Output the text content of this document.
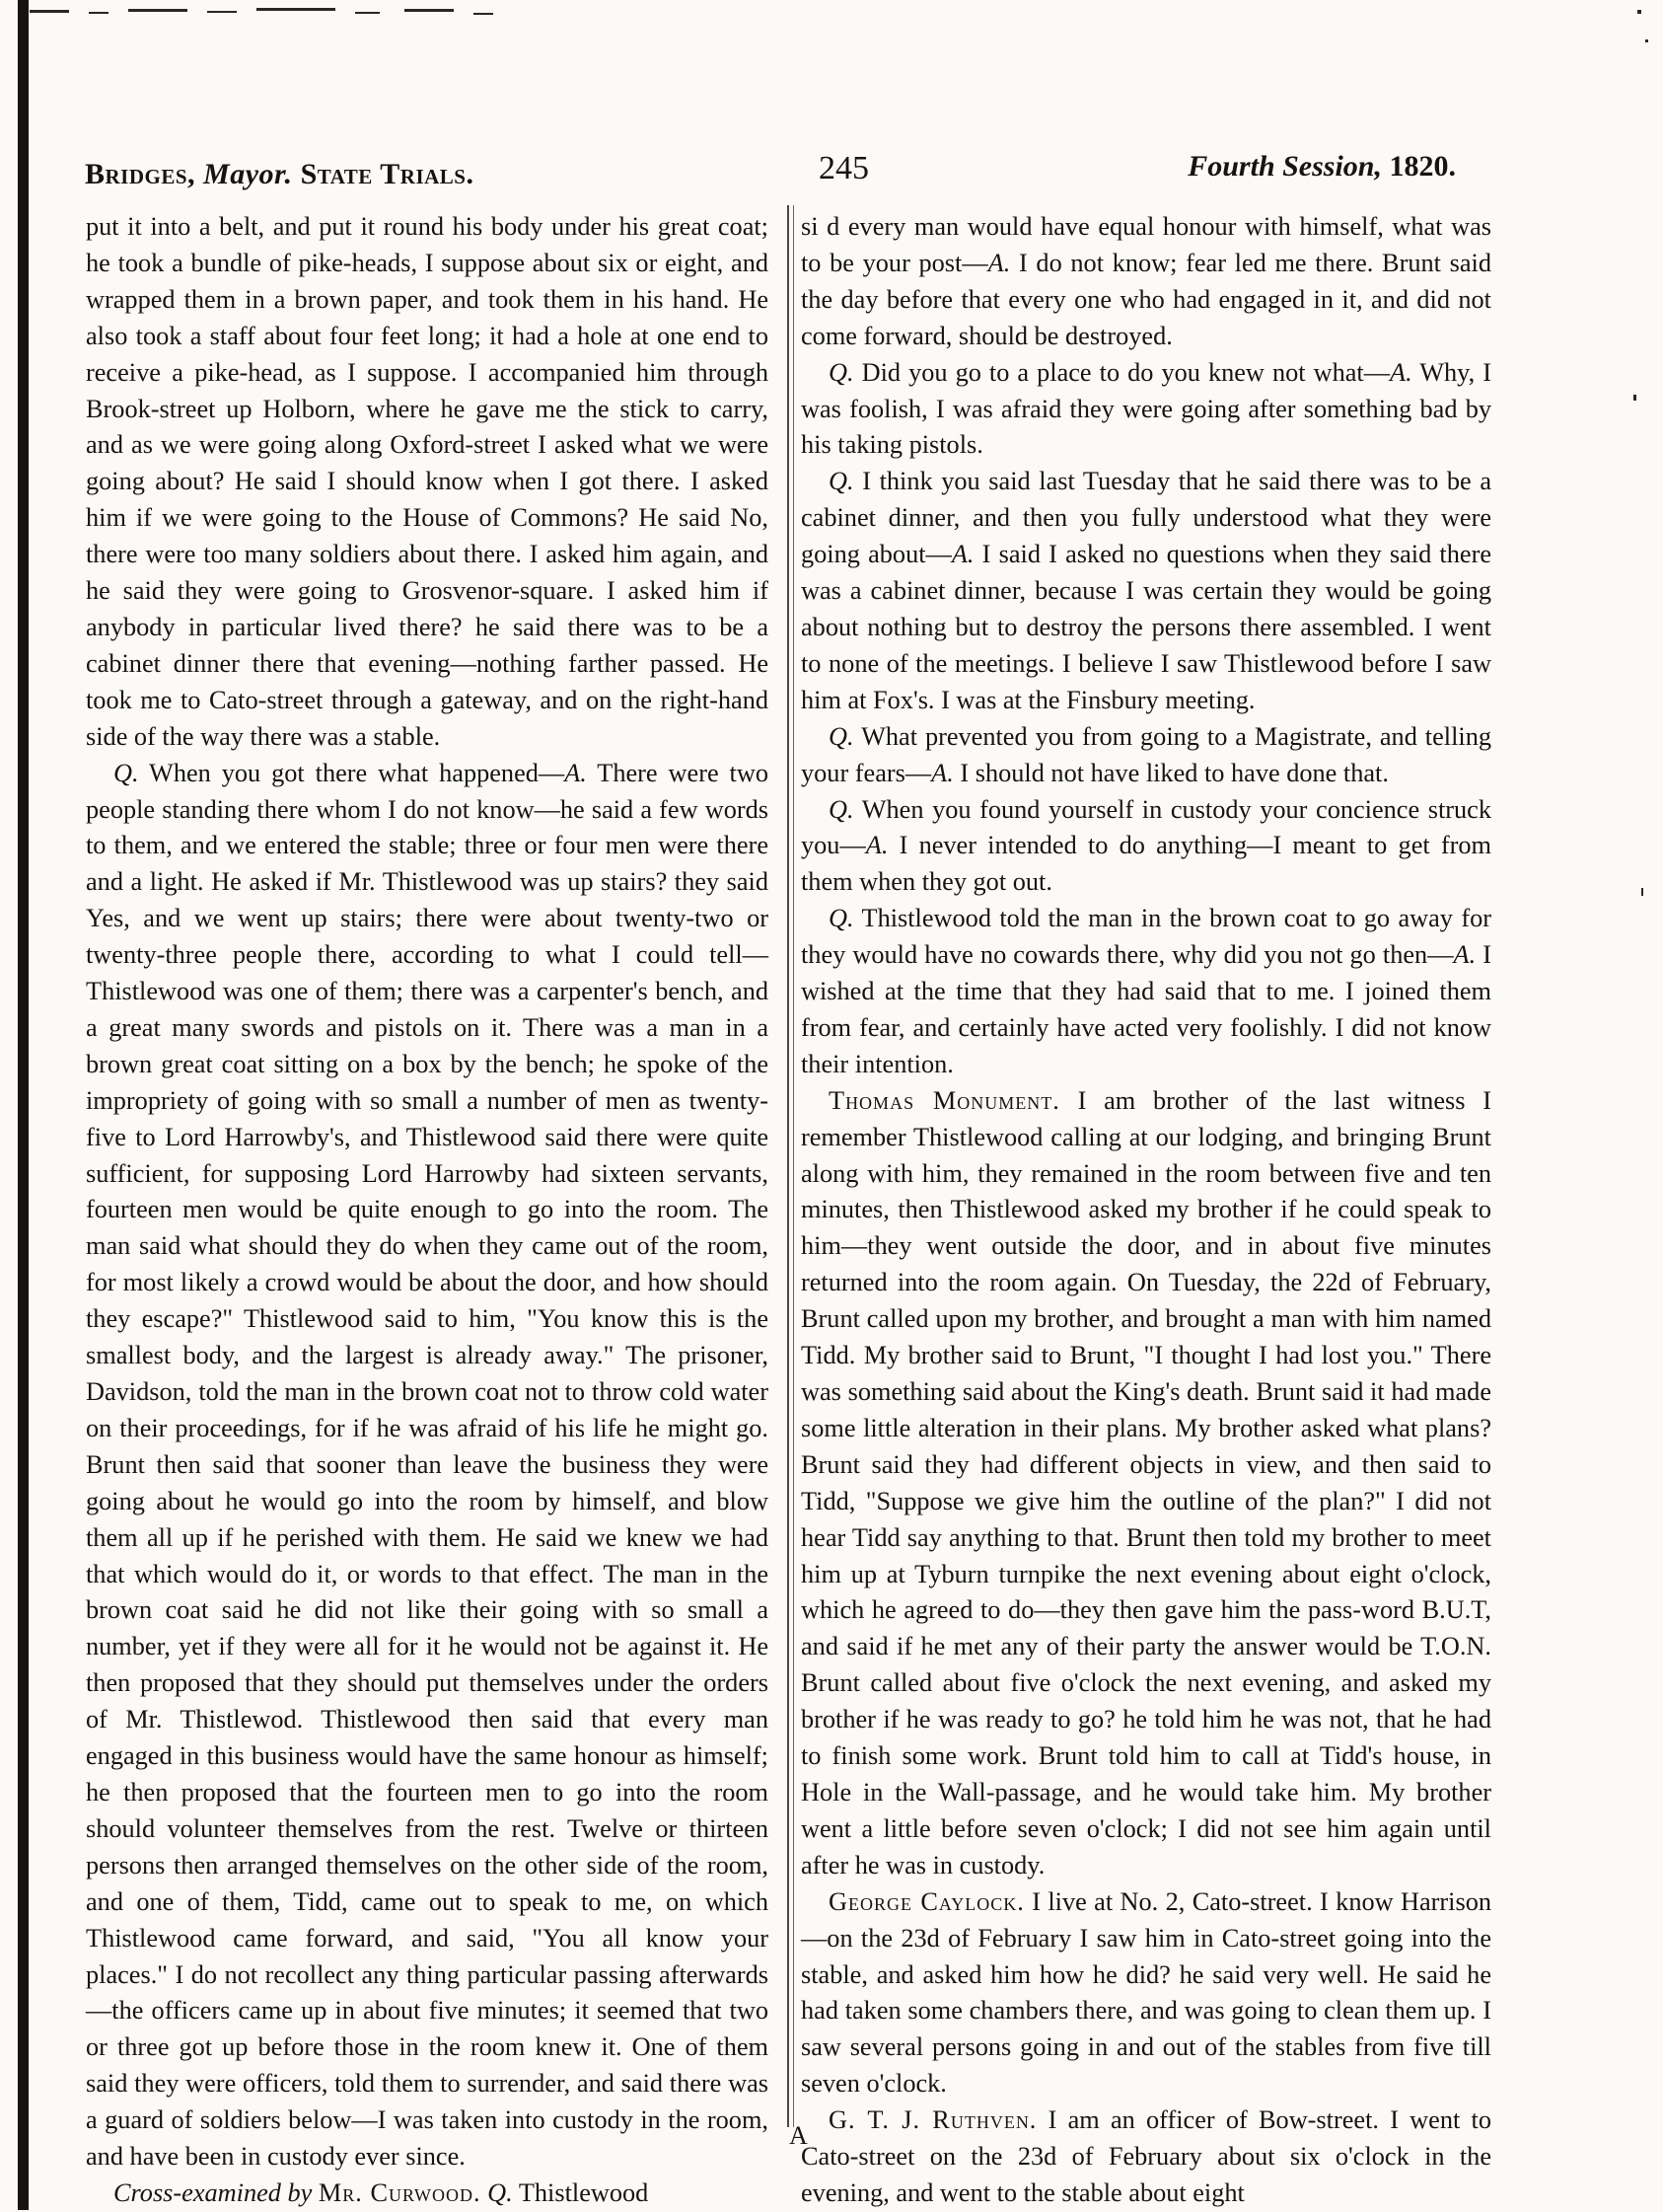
Bridges, Mayor. State Trials.	245	Fourth Session, 1820.

put it into a belt, and put it round his body under his great coat; he took a bundle of pike-heads, I suppose about six or eight, and wrapped them in a brown paper, and took them in his hand. He also took a staff about four feet long; it had a hole at one end to receive a pike-head, as I suppose. I accompanied him through Brook-street up Holborn, where he gave me the stick to carry, and as we were going along Oxford-street I asked what we were going about? He said I should know when I got there. I asked him if we were going to the House of Commons? He said No, there were too many soldiers about there. I asked him again, and he said they were going to Grosvenor-square. I asked him if anybody in particular lived there? he said there was to be a cabinet dinner there that evening—nothing farther passed. He took me to Cato-street through a gateway, and on the right-hand side of the way there was a stable.

Q. When you got there what happened—A. There were two people standing there whom I do not know—he said a few words to them, and we entered the stable; three or four men were there and a light. He asked if Mr. Thistlewood was up stairs? they said Yes, and we went up stairs; there were about twenty-two or twenty-three people there, according to what I could tell—Thistlewood was one of them; there was a carpenter's bench, and a great many swords and pistols on it. There was a man in a brown great coat sitting on a box by the bench; he spoke of the impropriety of going with so small a number of men as twenty-five to Lord Harrowby's, and Thistlewood said there were quite sufficient, for supposing Lord Harrowby had sixteen servants, fourteen men would be quite enough to go into the room. The man said what should they do when they came out of the room, for most likely a crowd would be about the door, and how should they escape?" Thistlewood said to him, "You know this is the smallest body, and the largest is already away." The prisoner, Davidson, told the man in the brown coat not to throw cold water on their proceedings, for if he was afraid of his life he might go. Brunt then said that sooner than leave the business they were going about he would go into the room by himself, and blow them all up if he perished with them. He said we knew we had that which would do it, or words to that effect. The man in the brown coat said he did not like their going with so small a number, yet if they were all for it he would not be against it. He then proposed that they should put themselves under the orders of Mr. Thistlewod. Thistlewood then said that every man engaged in this business would have the same honour as himself; he then proposed that the fourteen men to go into the room should volunteer themselves from the rest. Twelve or thirteen persons then arranged themselves on the other side of the room, and one of them, Tidd, came out to speak to me, on which Thistlewood came forward, and said, "You all know your places." I do not recollect any thing particular passing afterwards—the officers came up in about five minutes; it seemed that two or three got up before those in the room knew it. One of them said they were officers, told them to surrender, and said there was a guard of soldiers below—I was taken into custody in the room, and have been in custody ever since.

Cross-examined by Mr. Curwood. Q. Thistlewood

si d every man would have equal honour with himself, what was to be your post—A. I do not know; fear led me there. Brunt said the day before that every one who had engaged in it, and did not come forward, should be destroyed.

Q. Did you go to a place to do you knew not what—A. Why, I was foolish, I was afraid they were going after something bad by his taking pistols.

Q. I think you said last Tuesday that he said there was to be a cabinet dinner, and then you fully understood what they were going about—A. I said I asked no questions when they said there was a cabinet dinner, because I was certain they would be going about nothing but to destroy the persons there assembled. I went to none of the meetings. I believe I saw Thistlewood before I saw him at Fox's. I was at the Finsbury meeting.

Q. What prevented you from going to a Magistrate, and telling your fears—A. I should not have liked to have done that.

Q. When you found yourself in custody your concience struck you—A. I never intended to do anything—I meant to get from them when they got out.

Q. Thistlewood told the man in the brown coat to go away for they would have no cowards there, why did you not go then—A. I wished at the time that they had said that to me. I joined them from fear, and certainly have acted very foolishly. I did not know their intention.

Thomas Monument. I am brother of the last witness I remember Thistlewood calling at our lodging, and bringing Brunt along with him, they remained in the room between five and ten minutes, then Thistlewood asked my brother if he could speak to him—they went outside the door, and in about five minutes returned into the room again. On Tuesday, the 22d of February, Brunt called upon my brother, and brought a man with him named Tidd. My brother said to Brunt, "I thought I had lost you." There was something said about the King's death. Brunt said it had made some little alteration in their plans. My brother asked what plans? Brunt said they had different objects in view, and then said to Tidd, "Suppose we give him the outline of the plan?" I did not hear Tidd say anything to that. Brunt then told my brother to meet him up at Tyburn turnpike the next evening about eight o'clock, which he agreed to do—they then gave him the pass-word B.U.T, and said if he met any of their party the answer would be T.O.N. Brunt called about five o'clock the next evening, and asked my brother if he was ready to go? he told him he was not, that he had to finish some work. Brunt told him to call at Tidd's house, in Hole in the Wall-passage, and he would take him. My brother went a little before seven o'clock; I did not see him again until after he was in custody.

George Caylock. I live at No. 2, Cato-street. I know Harrison—on the 23d of February I saw him in Cato-street going into the stable, and asked him how he did? he said very well. He said he had taken some chambers there, and was going to clean them up. I saw several persons going in and out of the stables from five till seven o'clock.

G. T. J. Ruthven. I am an officer of Bow-street. I went to Cato-street on the 23d of February about six o'clock in the evening, and went to the stable about eight

A
